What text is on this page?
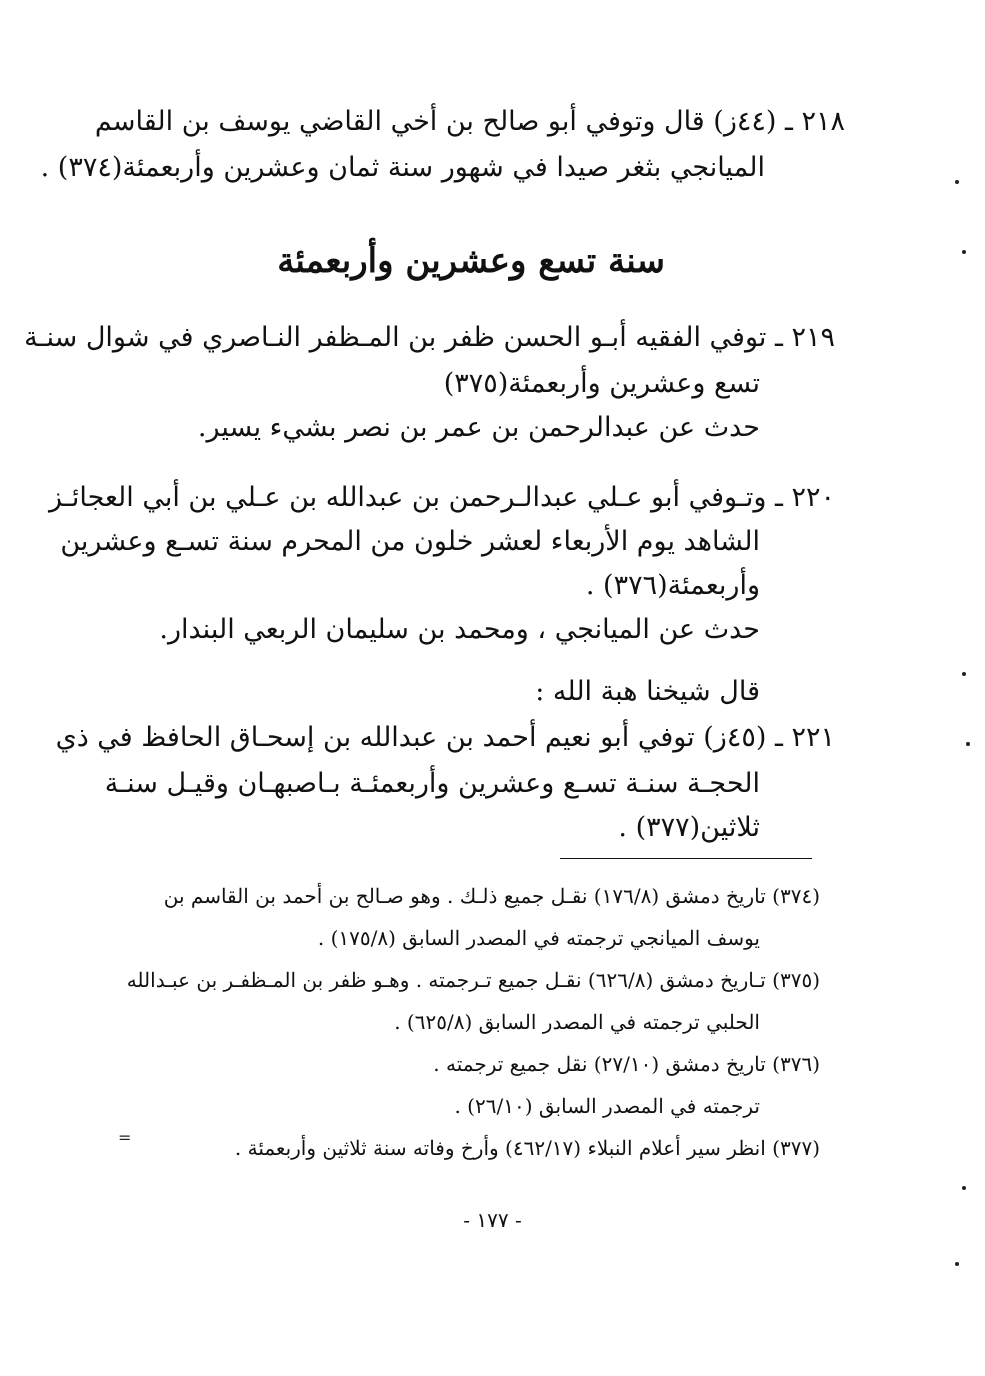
٢١٨ ـ (٤٤ز) قال وتوفي أبو صالح بن أخي القاضي يوسف بن القاسم
الميانجي بثغر صيدا في شهور سنة ثمان وعشرين وأربعمئة(٣٧٤) .
سنة تسع وعشرين وأربعمئة
٢١٩ ـ توفي الفقيه أبـو الحسن ظفر بن المـظفر النـاصري في شوال سنـة
تسع وعشرين وأربعمئة(٣٧٥)
حدث عن عبدالرحمن بن عمر بن نصر بشيء يسير.
٢٢٠ ـ وتـوفي أبو عـلي عبدالـرحمن بن عبدالله بن عـلي بن أبي العجائـز
الشاهد يوم الأربعاء لعشر خلون من المحرم سنة تسـع وعشرين
وأربعمئة(٣٧٦) .
حدث عن الميانجي ، ومحمد بن سليمان الربعي البندار.
قال شيخنا هبة الله :
٢٢١ ـ (٤٥ز) توفي أبو نعيم أحمد بن عبدالله بن إسحـاق الحافظ في ذي
الحجـة سنـة تسـع وعشرين وأربعمئـة بـاصبهـان وقيـل سنـة
ثلاثين(٣٧٧) .
(٣٧٤) تاريخ دمشق (١٧٦/٨) نقـل جميع ذلـك . وهو صـالح بن أحمد بن القاسم بن
يوسف الميانجي ترجمته في المصدر السابق (١٧٥/٨) .
(٣٧٥) تـاريخ دمشق (٦٢٦/٨) نقـل جميع تـرجمته . وهـو ظفر بن المـظفـر بن عبـدالله
الحلبي ترجمته في المصدر السابق (٦٢٥/٨) .
(٣٧٦) تاريخ دمشق (٢٧/١٠) نقل جميع ترجمته .
ترجمته في المصدر السابق (٢٦/١٠) .
(٣٧٧) انظر سير أعلام النبلاء (٤٦٢/١٧) وأرخ وفاته سنة ثلاثين وأربعمئة .
=
- ١٧٧ -
